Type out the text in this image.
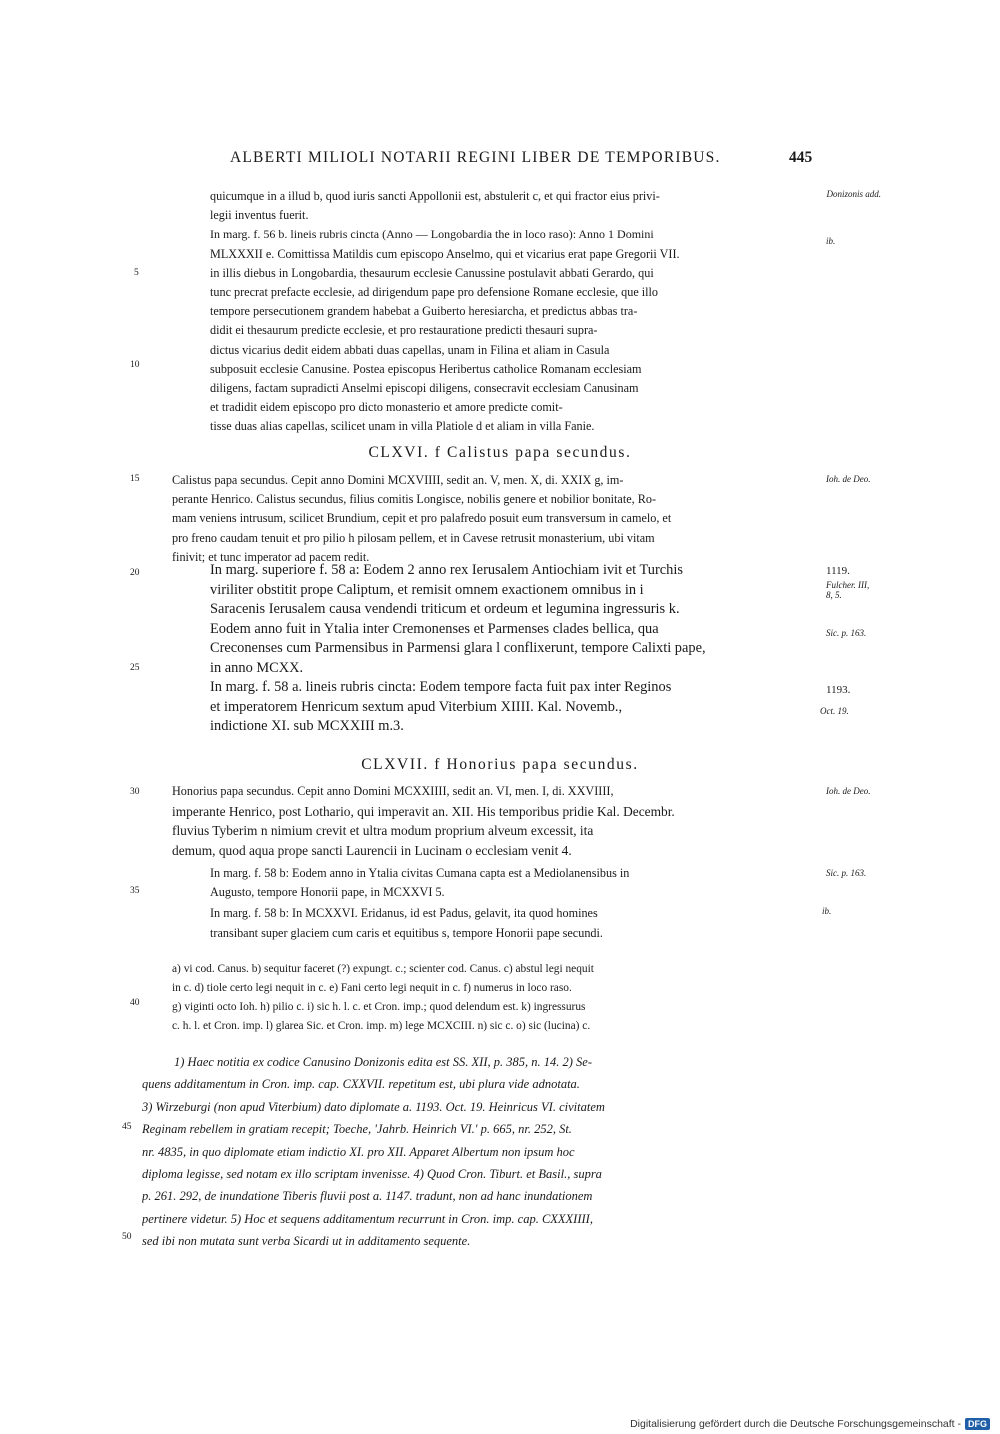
ALBERTI MILIOLI NOTARII REGINI LIBER DE TEMPORIBUS.	445
quicumque in a illud b, quod iuris sancti Appollonii est, abstulerit c, et qui fractor eius privi-
legii inventus fuerit.
In marg. f. 56 b. lineis rubris cincta (Anno — Longobardia the in loco raso): Anno 1 Domini
MLXXXII e. Comittissa Matildis cum episcopo Anselmo, qui et vicarius erat pape Gregorii VII.
in illis diebus in Longobardia, thesaurum ecclesie Canussine postulavit abbati Gerardo, qui
tunc precrat prefacte ecclesie, ad dirigendum pape pro defensione Romane ecclesie, que illo
tempore persecutionem grandem habebat a Guiberto heresiarcha, et predictus abbas tra-
didit ei thesaurum predicte ecclesie, et pro restauratione predicti thesauri supra-
dictus vicarius dedit eidem abbati duas capellas, unam in Filina et aliam in Casula
subposuit ecclesie Canusine. Postea episcopus Heribertus catholice Romanam ecclesiam
diligens, factam supradicti Anselmi episcopi diligens, consecravit ecclesiam Canusinam
et tradidit eidem episcopo pro dicto monasterio et amore predicte comit-
tisse duas alias capellas, scilicet unam in villa Platiole d et aliam in villa Fanie.
CLXVI. f Calistus papa secundus.
Calistus papa secundus. Cepit anno Domini MCXVIIII, sedit an. V, men. X, di. XXIX g, im-
perante Henrico. Calistus secundus, filius comitis Longisce, nobilis genere et nobilior bonitate, Ro-
mam veniens intrusum, scilicet Brundium, cepit et pro palafredo posuit eum transversum in camelo, et
pro freno caudam tenuit et pro pilio h pilosam pellem, et in Cavese retrusit monasterium, ubi vitam
finivit; et tunc imperator ad pacem redit.
In marg. superiore f. 58 a: Eodem 2 anno rex Ierusalem Antiochiam ivit et Turchis
viriliter obstitit prope Caliptum, et remisit omnem exactionem omnibus in i
Saracenis Ierusalem causa vendendi triticum et ordeum et legumina ingressuris k.
Eodem anno fuit in Ytalia inter Cremonenses et Parmenses clades bellica, qua
Creconenses cum Parmensibus in Parmensi glara l conflixerunt, tempore Calixti pape,
in anno MCXX.
In marg. f. 58 a. lineis rubris cincta: Eodem tempore facta fuit pax inter Reginos
et imperatorem Henricum sextum apud Viterbium XIIII. Kal. Novemb.,
indictione XI. sub MCXXIII m.3.
CLXVII. f Honorius papa secundus.
Honorius papa secundus. Cepit anno Domini MCXXIIII, sedit an. VI, men. I, di. XXVIIII,
imperante Henrico, post Lothario, qui imperavit an. XII. His temporibus pridie Kal. Decembr.
fluvius Tyberim n nimium crevit et ultra modum proprium alveum excessit, ita
demum, quod aqua prope sancti Laurencii in Lucinam o ecclesiam venit 4.
In marg. f. 58 b: Eodem anno in Ytalia civitas Cumana capta est a Mediolanensibus in
Augusto, tempore Honorii pape, in MCXXVI 5.
In marg. f. 58 b: In MCXXVI. Eridanus, id est Padus, gelavit, ita quod homines
transibant super glaciem cum caris et equitibus s, tempore Honorii pape secundi.
a) vi cod. Canus. b) sequitur faceret (?) expungt. c.; scienter cod. Canus. c) abstul legi nequit
in c. d) tiole certo legi nequit in c. e) Fani certo legi nequit in c. f) numerus in loco raso.
g) viginti octo Ioh. h) pilio c. i) sic h. l. c. et Cron. imp.; quod delendum est. k) ingressurus
c. h. l. et Cron. imp. l) glarea Sic. et Cron. imp. m) lege MCXCIII. n) sic c. o) sic (lucina) c.
1) Haec notitia ex codice Canusino Donizonis edita est SS. XII, p. 385, n. 14. 2) Se-
quens additamentum in Cron. imp. cap. CXXVII. repetitum est, ubi plura vide adnotata.
3) Wirzeburgi (non apud Viterbium) dato diplomate a. 1193. Oct. 19. Heinricus VI. civitatem
Reginam rebellem in gratiam recepit; Toeche, 'Jahrb. Heinrich VI.' p. 665, nr. 252, St.
nr. 4835, in quo diplomate etiam indictio XI. pro XII. Apparet Albertum non ipsum hoc
diploma legisse, sed notam ex illo scriptam invenisse. 4) Quod Cron. Tiburt. et Basil., supra
p. 261. 292, de inundatione Tiberis fluvii post a. 1147. tradunt, non ad hanc inundationem
pertinere videtur. 5) Hoc et sequens additamentum recurrunt in Cron. imp. cap. CXXXIIII,
sed ibi non mutata sunt verba Sicardi ut in additamento sequente.
5
10
15
20
25
30
35
40
45
50
Donizonis add.
ib.
Ioh. de Deo.
1119.
Fulcher. III, 8, 5.
Sic. p. 163.
1193.
Oct. 19.
Ioh. de Deo.
Sic. p. 163.
ib.
Digitalisierung gefördert durch die Deutsche Forschungsgemeinschaft - DFG
